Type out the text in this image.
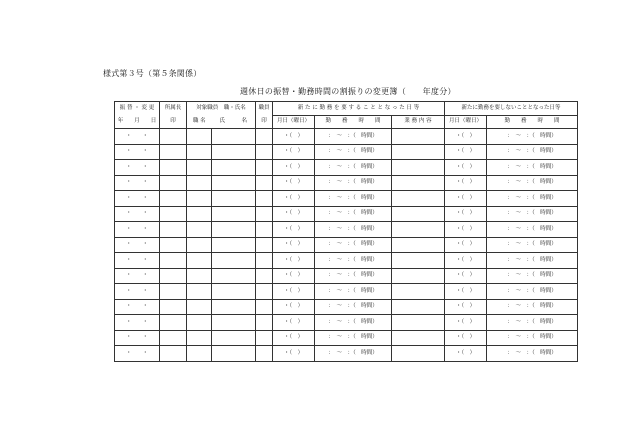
様式第３号（第５条関係）
週休日の振替・勤務時間の割振りの変更簿（　　年度分）
振 替 ・ 変 更	所属長	対象職員　職・氏名		職員	新 た に 勤 務 を 要 す る こ と と な っ た 日 等			新たに勤務を要しないこととなった日等	
年　　月　　日	印	職 名	氏　　　名	印	月日（曜日）	勤　　務　　時　　間	業 務 内 容	月日（曜日）	勤　　務　　時　　間
・　　・					・（　）	：　〜　：（　時間）		・（　）	：　〜　：（　時間）
・　　・					・（　）	：　〜　：（　時間）		・（　）	：　〜　：（　時間）
・　　・					・（　）	：　〜　：（　時間）		・（　）	：　〜　：（　時間）
・　　・					・（　）	：　〜　：（　時間）		・（　）	：　〜　：（　時間）
・　　・					・（　）	：　〜　：（　時間）		・（　）	：　〜　：（　時間）
・　　・					・（　）	：　〜　：（　時間）		・（　）	：　〜　：（　時間）
・　　・					・（　）	：　〜　：（　時間）		・（　）	：　〜　：（　時間）
・　　・					・（　）	：　〜　：（　時間）		・（　）	：　〜　：（　時間）
・　　・					・（　）	：　〜　：（　時間）		・（　）	：　〜　：（　時間）
・　　・					・（　）	：　〜　：（　時間）		・（　）	：　〜　：（　時間）
・　　・					・（　）	：　〜　：（　時間）		・（　）	：　〜　：（　時間）
・　　・					・（　）	：　〜　：（　時間）		・（　）	：　〜　：（　時間）
・　　・					・（　）	：　〜　：（　時間）		・（　）	：　〜　：（　時間）
・　　・					・（　）	：　〜　：（　時間）		・（　）	：　〜　：（　時間）
・　　・					・（　）	：　〜　：（　時間）		・（　）	：　〜　：（　時間）
